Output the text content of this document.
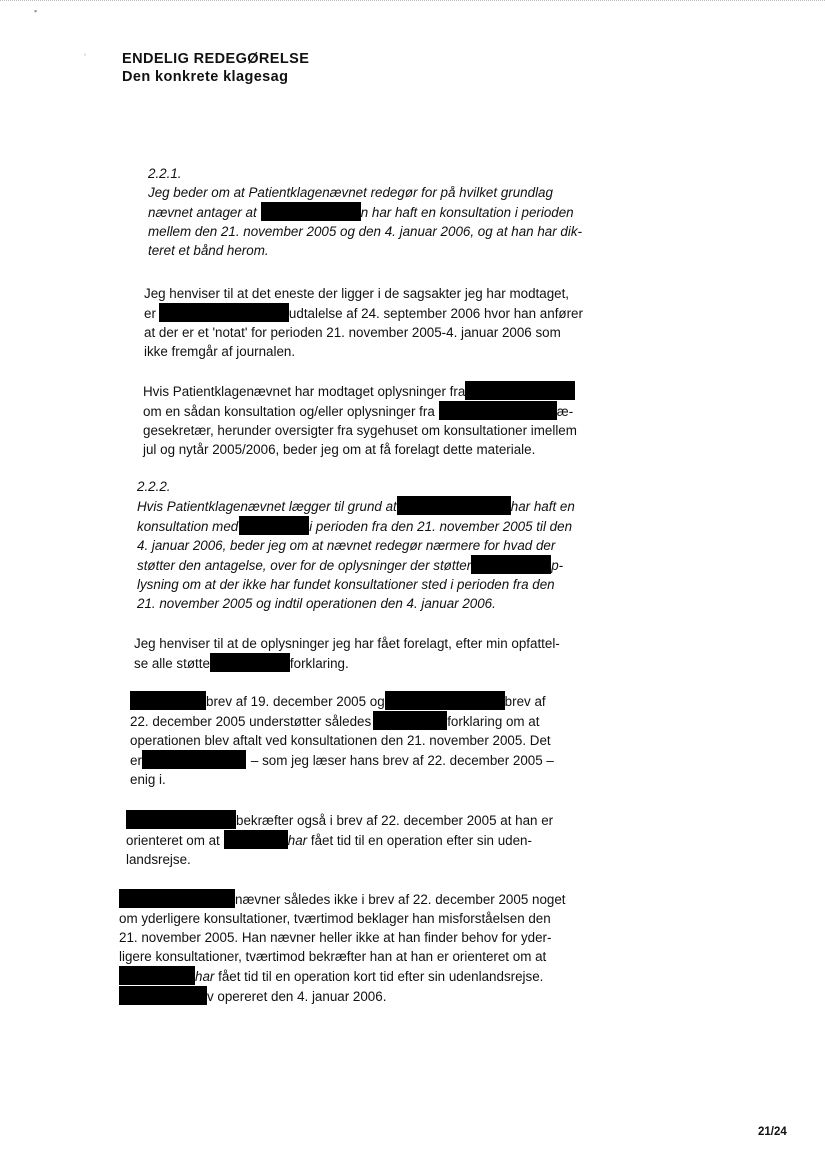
▪
ʻ ENDELIG REDEGØRELSE
Den konkrete klagesag
2.2.1.
Jeg beder om at Patientklagenævnet redegør for på hvilket grundlag
nævnet antager at	n har haft en konsultation i perioden
mellem den 21. november 2005 og den 4. januar 2006, og at han har dik-
teret et bånd herom.
Jeg henviser til at det eneste der ligger i de sagsakter jeg har modtaget,
er	udtalelse af 24. september 2006 hvor han anfører
at der er et 'notat' for perioden 21. november 2005-4. januar 2006 som
ikke fremgår af journalen.
Hvis Patientklagenævnet har modtaget oplysninger fra
om en sådan konsultation og/eller oplysninger fra	æ-
gesekretær, herunder oversigter fra sygehuset om konsultationer imellem
jul og nytår 2005/2006, beder jeg om at få forelagt dette materiale.
2.2.2.
Hvis Patientklagenævnet lægger til grund at	har haft en
konsultation med	i perioden fra den 21. november 2005 til den
4. januar 2006, beder jeg om at nævnet redegør nærmere for hvad der
støtter den antagelse, over for de oplysninger der støtter	p-
lysning om at der ikke har fundet konsultationer sted i perioden fra den
21. november 2005 og indtil operationen den 4. januar 2006.
Jeg henviser til at de oplysninger jeg har fået forelagt, efter min opfattel-
se alle støtte	forklaring.
brev af 19. december 2005 og	brev af
22. december 2005 understøtter således	forklaring om at
operationen blev aftalt ved konsultationen den 21. november 2005. Det
er	– som jeg læser hans brev af 22. december 2005 –
enig i.
bekræfter også i brev af 22. december 2005 at han er
orienteret om at	har fået tid til en operation efter sin uden-
landsrejse.
nævner således ikke i brev af 22. december 2005 noget
om yderligere konsultationer, tværtimod beklager han misforståelsen den
21. november 2005. Han nævner heller ikke at han finder behov for yder-
ligere konsultationer, tværtimod bekræfter han at han er orienteret om at
har fået tid til en operation kort tid efter sin udenlandsrejse.
v opereret den 4. januar 2006.
21/24
